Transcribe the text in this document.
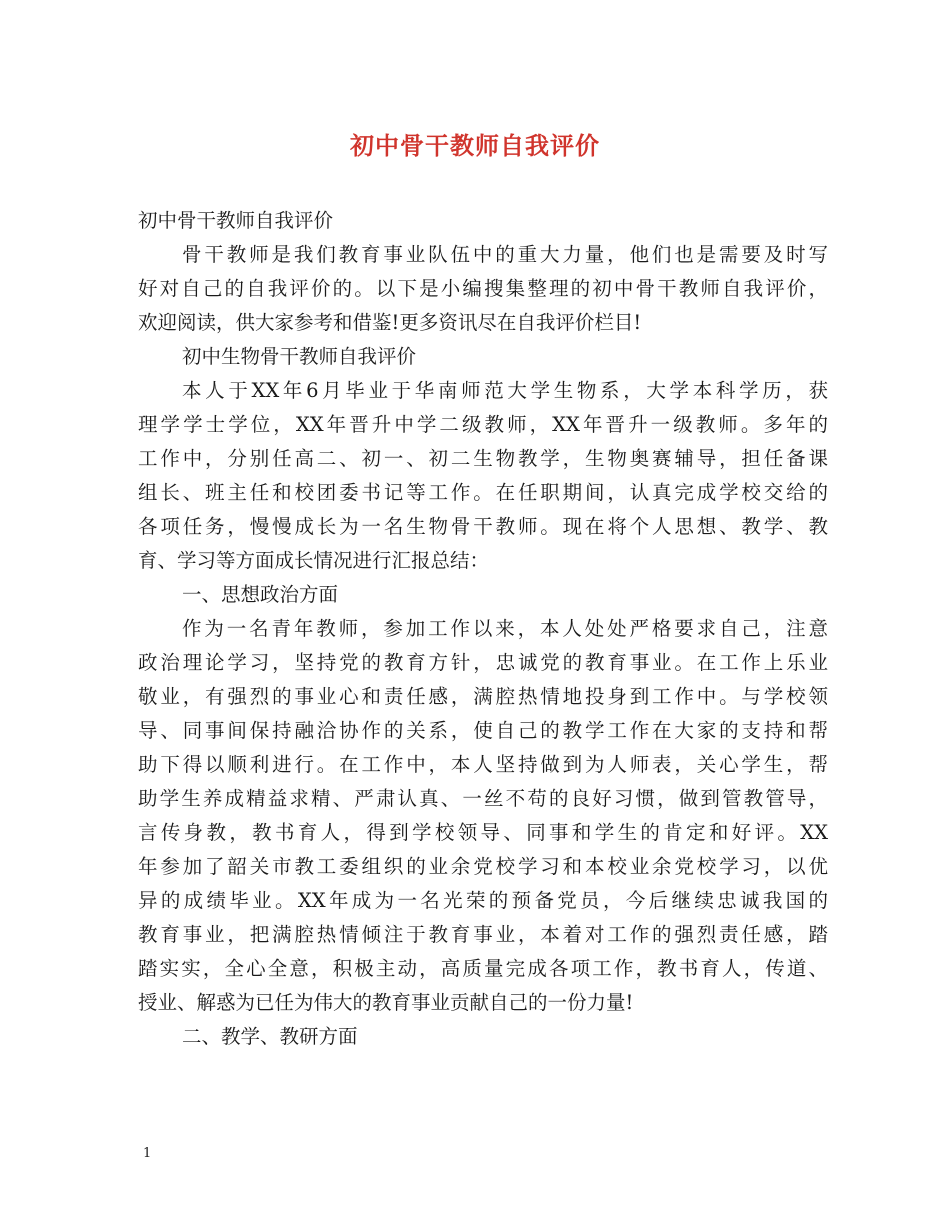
初中骨干教师自我评价
初中骨干教师自我评价
骨干教师是我们教育事业队伍中的重大力量，他们也是需要及时写
好对自己的自我评价的。以下是小编搜集整理的初中骨干教师自我评价，
欢迎阅读，供大家参考和借鉴!更多资讯尽在自我评价栏目!
初中生物骨干教师自我评价
本人于XX年6月毕业于华南师范大学生物系，大学本科学历，获
理学学士学位，XX年晋升中学二级教师，XX年晋升一级教师。多年的
工作中，分别任高二、初一、初二生物教学，生物奥赛辅导，担任备课
组长、班主任和校团委书记等工作。在任职期间，认真完成学校交给的
各项任务，慢慢成长为一名生物骨干教师。现在将个人思想、教学、教
育、学习等方面成长情况进行汇报总结：
一、思想政治方面
作为一名青年教师，参加工作以来，本人处处严格要求自己，注意
政治理论学习，坚持党的教育方针，忠诚党的教育事业。在工作上乐业
敬业，有强烈的事业心和责任感，满腔热情地投身到工作中。与学校领
导、同事间保持融洽协作的关系，使自己的教学工作在大家的支持和帮
助下得以顺利进行。在工作中，本人坚持做到为人师表，关心学生，帮
助学生养成精益求精、严肃认真、一丝不苟的良好习惯，做到管教管导，
言传身教，教书育人，得到学校领导、同事和学生的肯定和好评。XX
年参加了韶关市教工委组织的业余党校学习和本校业余党校学习，以优
异的成绩毕业。XX年成为一名光荣的预备党员，今后继续忠诚我国的
教育事业，把满腔热情倾注于教育事业，本着对工作的强烈责任感，踏
踏实实，全心全意，积极主动，高质量完成各项工作，教书育人，传道、
授业、解惑为已任为伟大的教育事业贡献自己的一份力量!
二、教学、教研方面
1
